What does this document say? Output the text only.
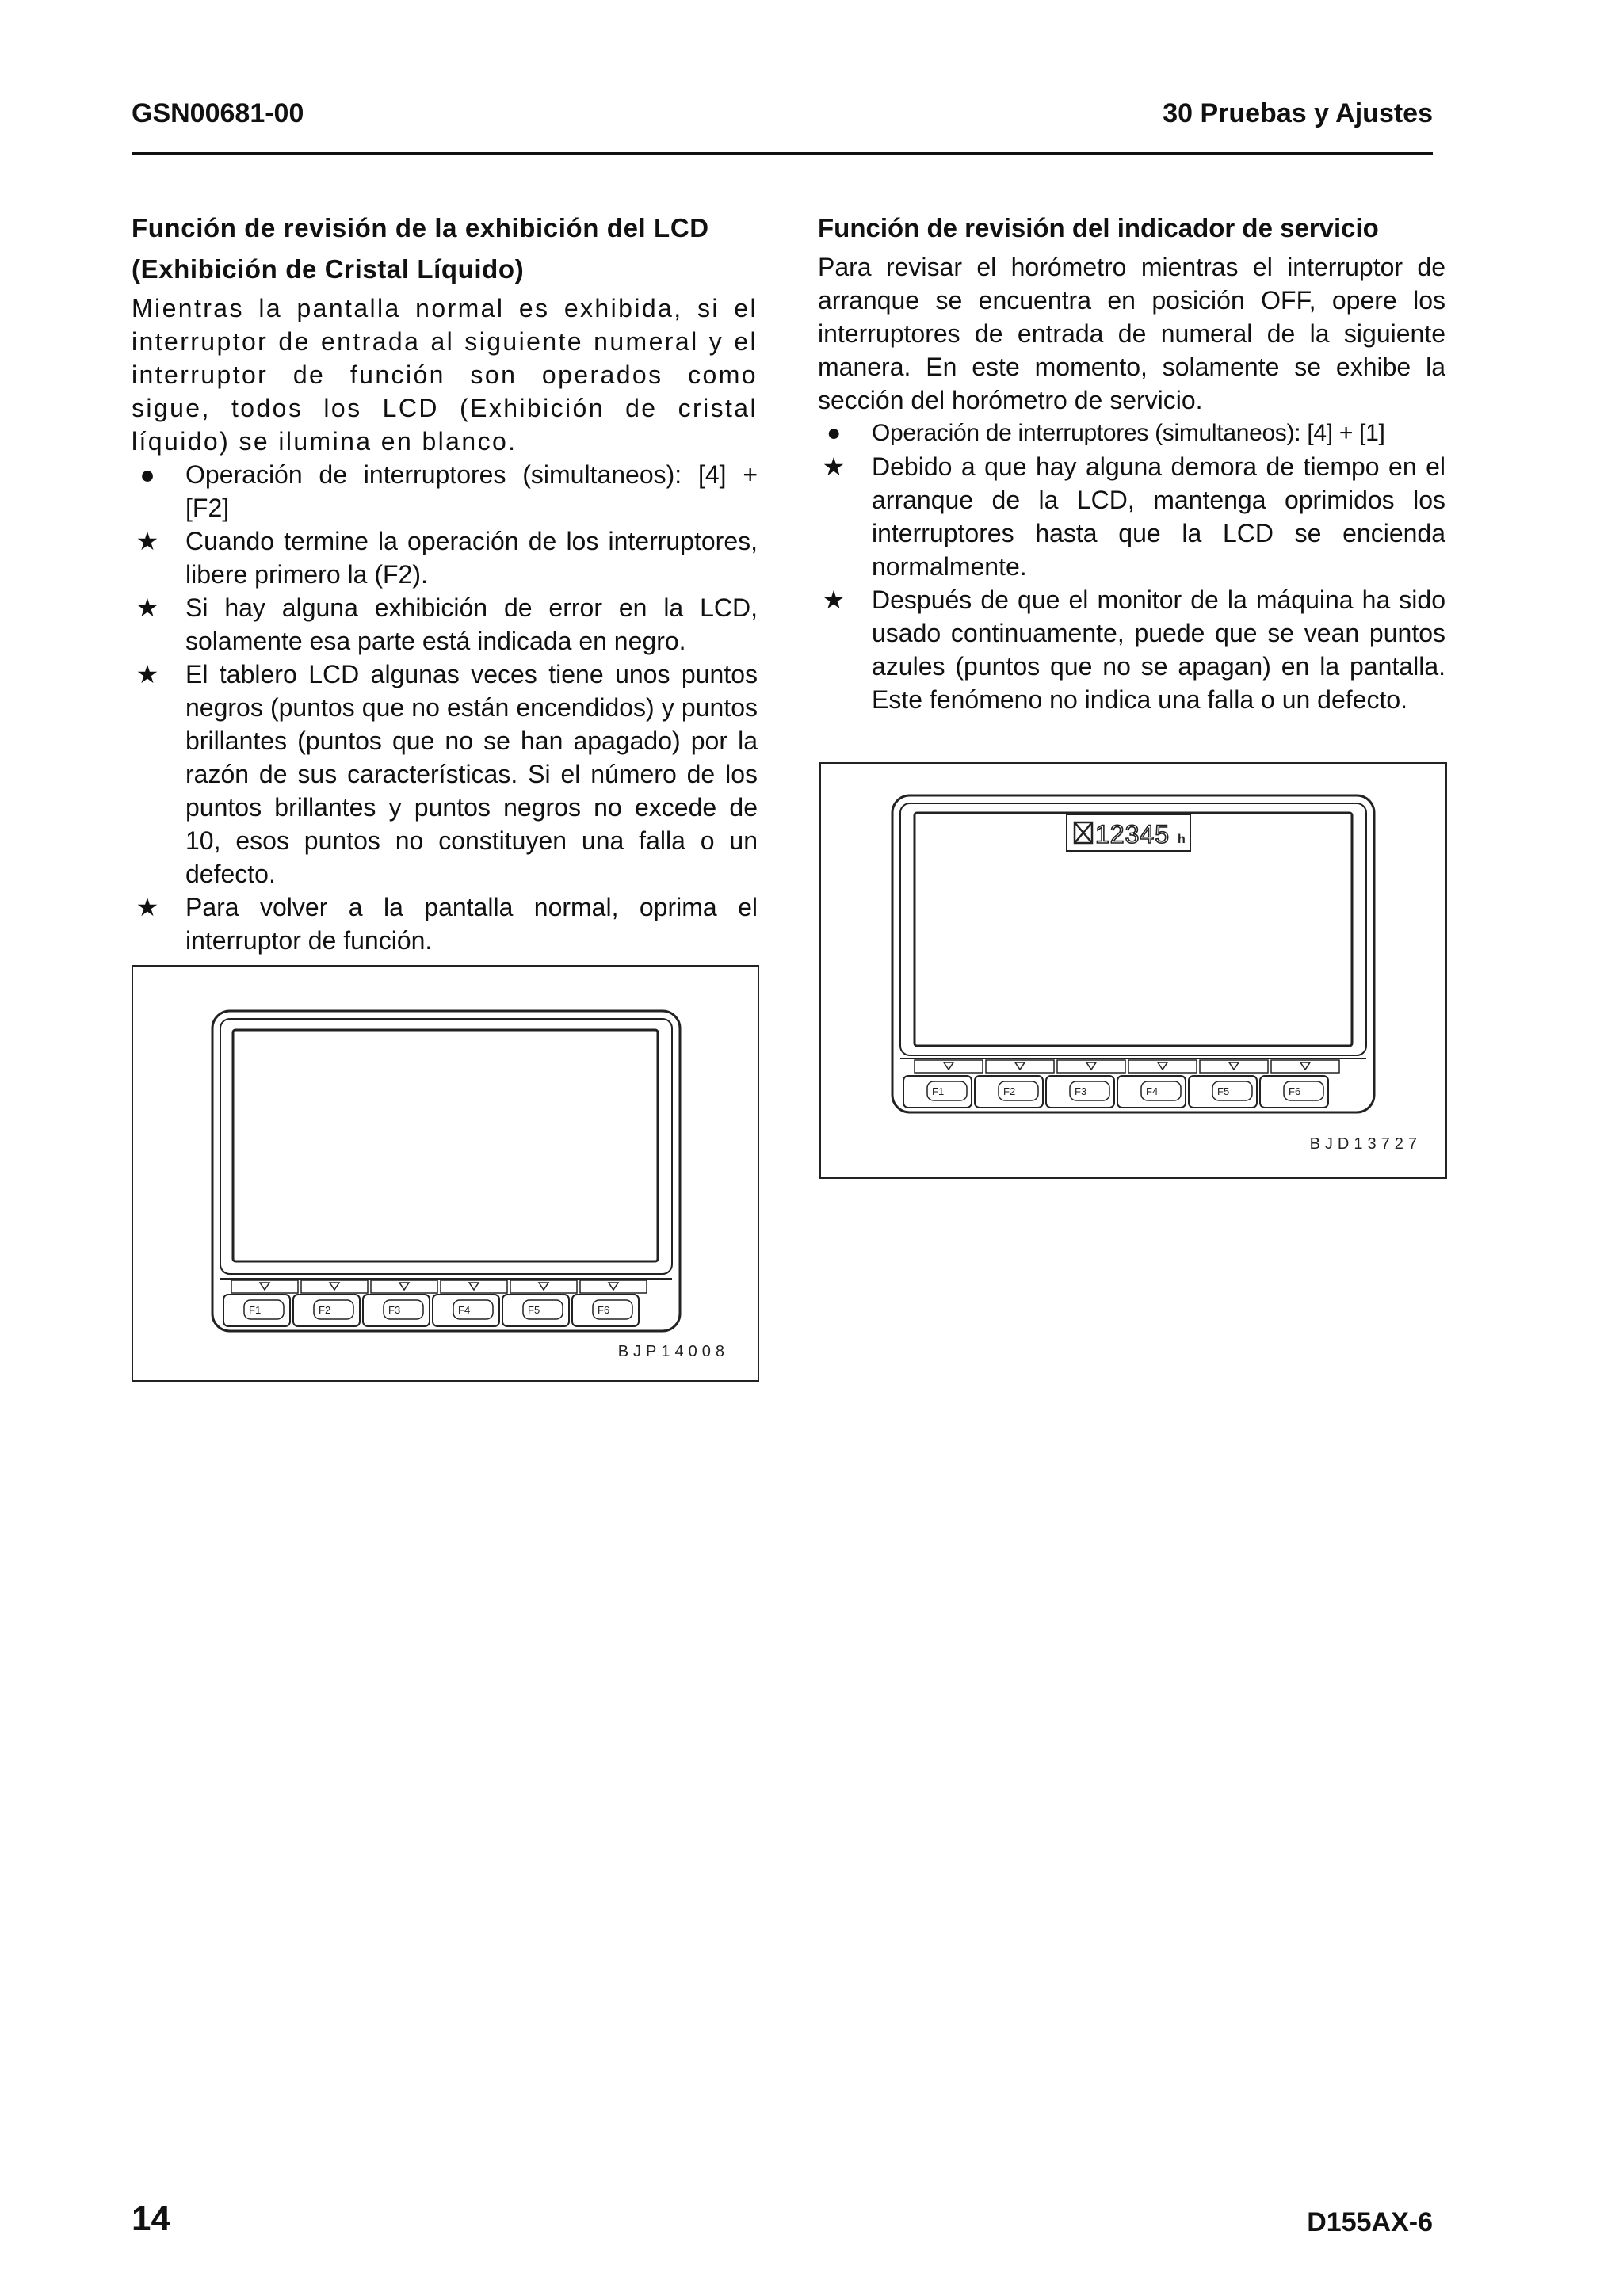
GSN00681-00	30 Pruebas y Ajustes
Función de revisión de la exhibición del LCD
(Exhibición de Cristal Líquido)
Mientras la pantalla normal es exhibida, si el interruptor de entrada al siguiente numeral y el interruptor de función son operados como sigue, todos los LCD (Exhibición de cristal líquido) se ilumina en blanco.
●	Operación de interruptores (simultaneos): [4] + [F2]
★ Cuando termine la operación de los interruptores, libere primero la (F2).
★ Si hay alguna exhibición de error en la LCD, solamente esa parte está indicada en negro.
★ El tablero LCD algunas veces tiene unos puntos negros (puntos que no están encendidos) y puntos brillantes (puntos que no se han apagado) por la razón de sus características. Si el número de los puntos brillantes y puntos negros no excede de 10, esos puntos no constituyen una falla o un defecto.
★ Para volver a la pantalla normal, oprima el interruptor de función.
F1	F2	F3	F4	F5	F6
BJP14008
Función de revisión del indicador de servicio
Para revisar el horómetro mientras el interruptor de arranque se encuentra en posición OFF, opere los interruptores de entrada de numeral de la siguiente manera. En este momento, solamente se exhibe la sección del horómetro de servicio.
●	Operación de interruptores (simultaneos): [4] + [1]
★ Debido a que hay alguna demora de tiempo en el arranque de la LCD, mantenga oprimidos los interruptores hasta que la LCD se encienda normalmente.
★ Después de que el monitor de la máquina ha sido usado continuamente, puede que se vean puntos azules (puntos que no se apagan) en la pantalla. Este fenómeno no indica una falla o un defecto.
12345 h
F1	F2	F3	F4	F5	F6
BJD13727
14	D155AX-6
